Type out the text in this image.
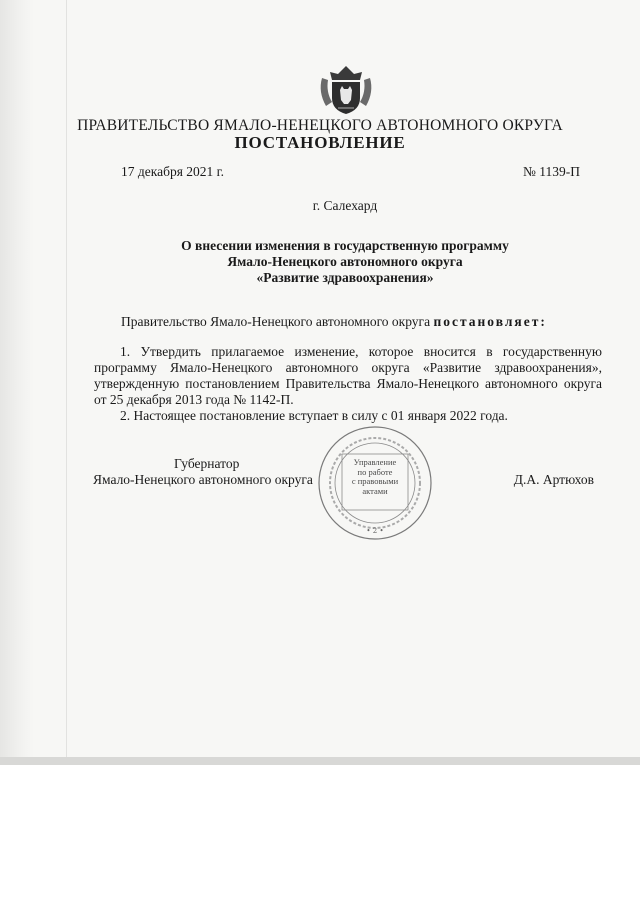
ПРАВИТЕЛЬСТВО ЯМАЛО-НЕНЕЦКОГО АВТОНОМНОГО ОКРУГА
ПОСТАНОВЛЕНИЕ
17 декабря 2021 г.	№ 1139-П
г. Салехард
О внесении изменения в государственную программу
Ямало-Ненецкого автономного округа
«Развитие здравоохранения»
Правительство Ямало-Ненецкого автономного округа постановляет:

1. Утвердить прилагаемое изменение, которое вносится в государственную программу Ямало-Ненецкого автономного округа «Развитие здравоохранения», утвержденную постановлением Правительства Ямало-Ненецкого автономного округа от 25 декабря 2013 года № 1142-П.

2. Настоящее постановление вступает в силу с 01 января 2022 года.

Губернатор
Ямало-Ненецкого автономного округа	Д.А. Артюхов
• 2 •
Управление
по работе
с правовыми
актами
